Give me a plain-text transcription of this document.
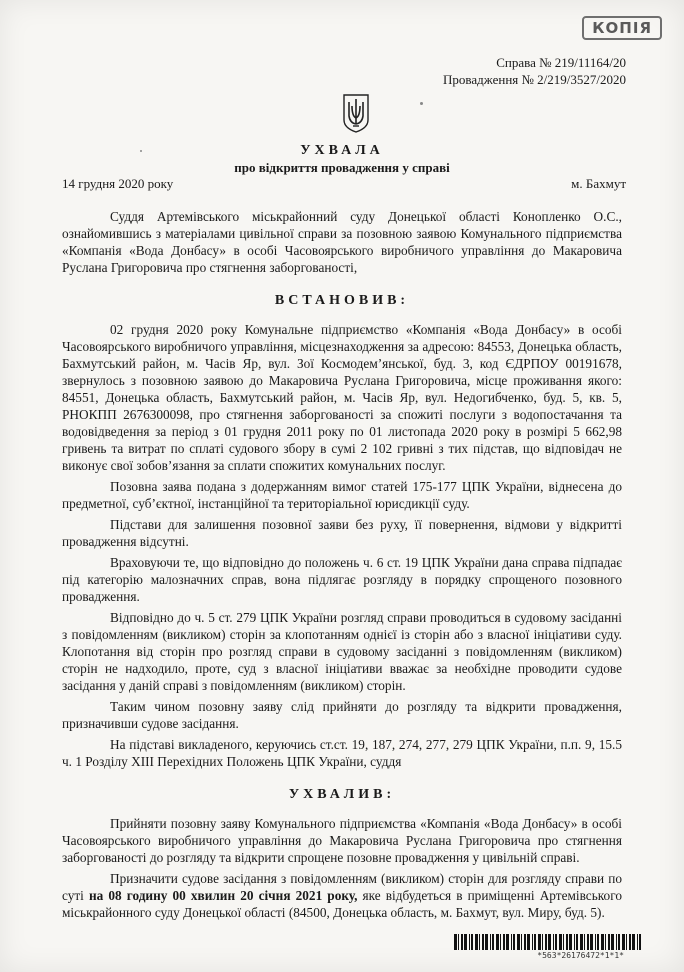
КОПІЯ
Справа № 219/11164/20
Провадження № 2/219/3527/2020
УХВАЛА
про відкриття провадження у справі
14 грудня 2020 року	м. Бахмут

Суддя Артемівського міськрайонний суду Донецької області Конопленко О.С., ознайомившись з матеріалами цивільної справи за позовною заявою Комунального підприємства «Компанія «Вода Донбасу» в особі Часовоярського виробничого управління до Макаровича Руслана Григоровича про стягнення заборгованості,

ВСТАНОВИВ:

02 грудня 2020 року Комунальне підприємство «Компанія «Вода Донбасу» в особі Часовоярського виробничого управління, місцезнаходження за адресою: 84553, Донецька область, Бахмутський район, м. Часів Яр, вул. Зої Космодем’янської, буд. 3, код ЄДРПОУ 00191678, звернулось з позовною заявою до Макаровича Руслана Григоровича, місце проживання якого: 84551, Донецька область, Бахмутський район, м. Часів Яр, вул. Недогибченко, буд. 5, кв. 5, РНОКПП 2676300098, про стягнення заборгованості за спожиті послуги з водопостачання та водовідведення за період з 01 грудня 2011 року по 01 листопада 2020 року в розмірі 5 662,98 гривень та витрат по сплаті судового збору в сумі 2 102 гривні з тих підстав, що відповідач не виконує свої зобов’язання за сплати спожитих комунальних послуг.

Позовна заява подана з додержанням вимог статей 175-177 ЦПК України, віднесена до предметної, суб’єктної, інстанційної та територіальної юрисдикції суду.

Підстави для залишення позовної заяви без руху, її повернення, відмови у відкритті провадження відсутні.

Враховуючи те, що відповідно до положень ч. 6 ст. 19 ЦПК України дана справа підпадає під категорію малозначних справ, вона підлягає розгляду в порядку спрощеного позовного провадження.

Відповідно до ч. 5 ст. 279 ЦПК України розгляд справи проводиться в судовому засіданні з повідомленням (викликом) сторін за клопотанням однієї із сторін або з власної ініціативи суду. Клопотання від сторін про розгляд справи в судовому засіданні з повідомленням (викликом) сторін не надходило, проте, суд з власної ініціативи вважає за необхідне проводити судове засідання у даній справі з повідомленням (викликом) сторін.

Таким чином позовну заяву слід прийняти до розгляду та відкрити провадження, призначивши судове засідання.

На підставі викладеного, керуючись ст.ст. 19, 187, 274, 277, 279 ЦПК України, п.п. 9, 15.5 ч. 1 Розділу XIII Перехідних Положень ЦПК України, суддя

УХВАЛИВ:

Прийняти позовну заяву Комунального підприємства «Компанія «Вода Донбасу» в особі Часовоярського виробничого управління до Макаровича Руслана Григоровича про стягнення заборгованості до розгляду та відкрити спрощене позовне провадження у цивільній справі.

Призначити судове засідання з повідомленням (викликом) сторін для розгляду справи по суті на 08 годину 00 хвилин 20 січня 2021 року, яке відбудеться в приміщенні Артемівського міськрайонного суду Донецької області (84500, Донецька область, м. Бахмут, вул. Миру, буд. 5).

*563*26176472*1*1*
